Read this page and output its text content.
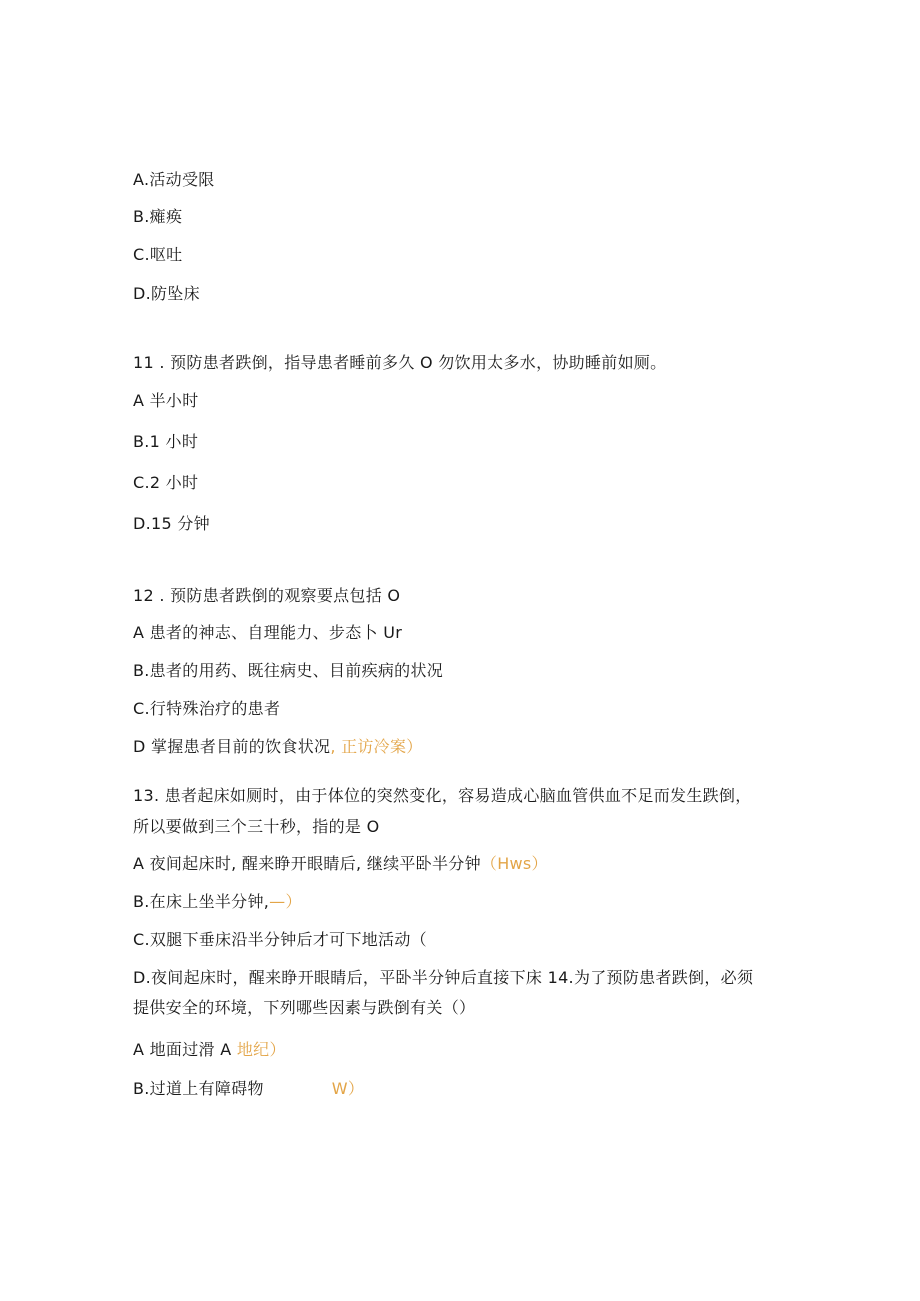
A.活动受限
B.瘫痪
C.呕吐
D.防坠床
11 . 预防患者跌倒，指导患者睡前多久 O 勿饮用太多水，协助睡前如厕。
A 半小时
B.1 小时
C.2 小时
D.15 分钟
12 . 预防患者跌倒的观察要点包括 O
A 患者的神志、自理能力、步态卜 Ur
B.患者的用药、既往病史、目前疾病的状况
C.行特殊治疗的患者
D 掌握患者目前的饮食状况, 正访冷案）
13. 患者起床如厕时，由于体位的突然变化，容易造成心脑血管供血不足而发生跌倒，
所以要做到三个三十秒，指的是 O
A 夜间起床时, 醒来睁开眼睛后, 继续平卧半分钟（Hws）
B.在床上坐半分钟,—）
C.双腿下垂床沿半分钟后才可下地活动（
D.夜间起床时，醒来睁开眼睛后，平卧半分钟后直接下床 14.为了预防患者跌倒，必须
提供安全的环境，下列哪些因素与跌倒有关（）
A 地面过滑 A 地纪）
B.过道上有障碍物	W）
